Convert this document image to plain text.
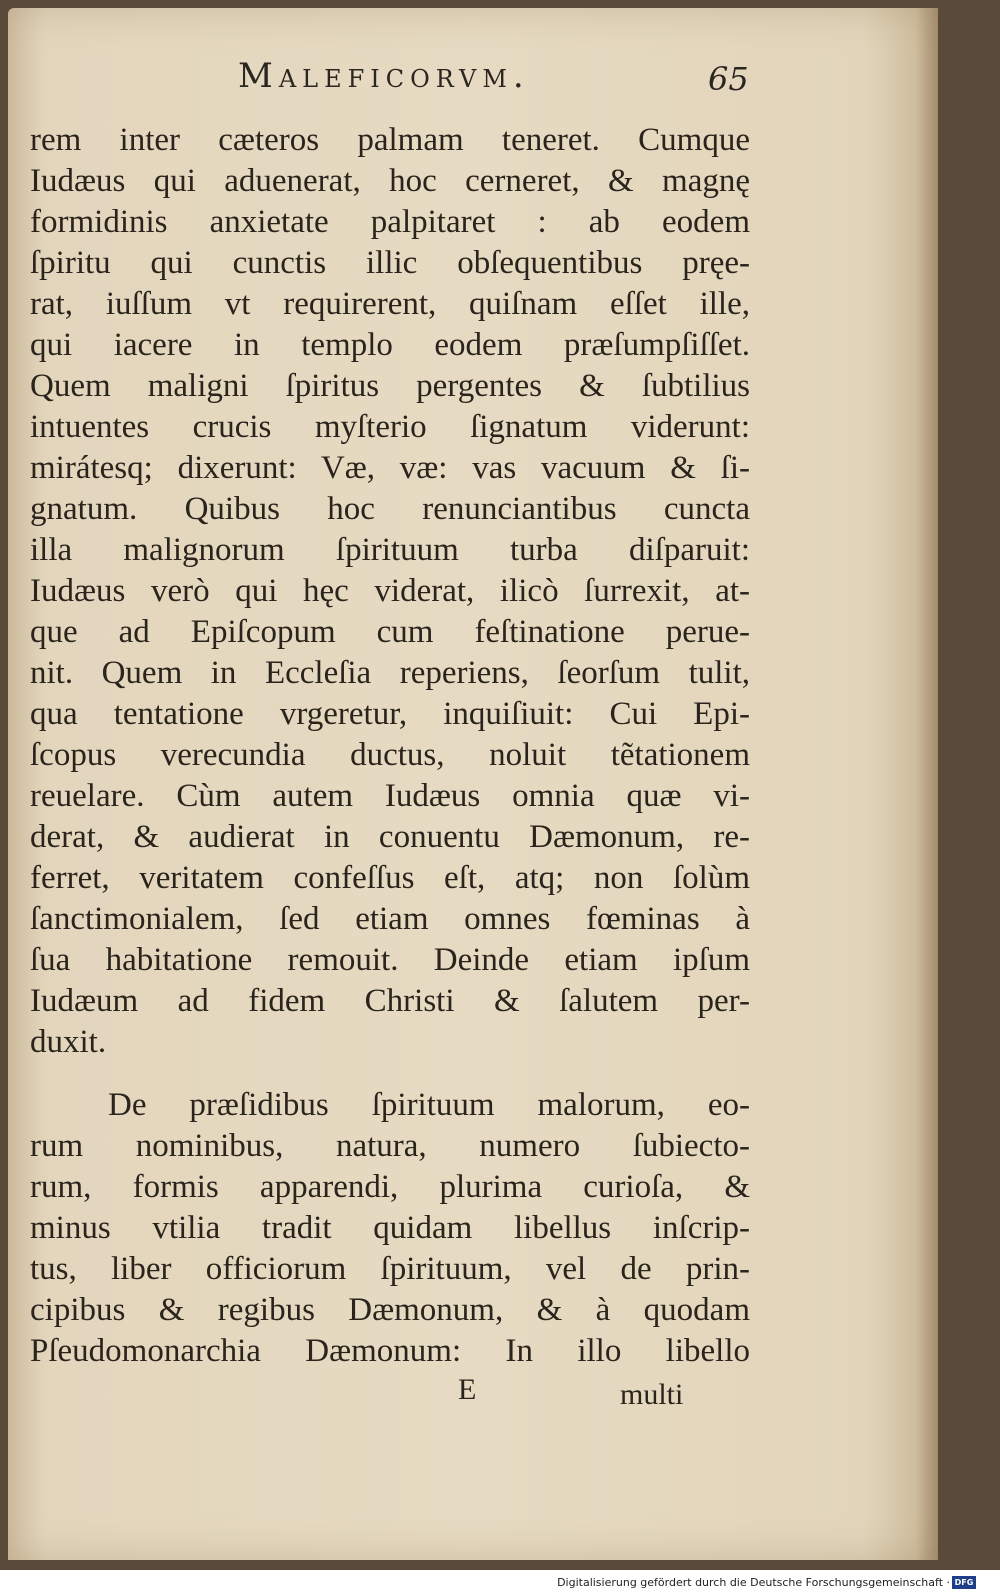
Maleficorvm.	65
rem inter cæteros palmam teneret. Cumque
Iudæus qui aduenerat, hoc cerneret, & magnę
formidinis anxietate palpitaret : ab eodem
ſpiritu qui cunctis illic obſequentibus pręe-
rat, iuſſum vt requirerent, quiſnam eſſet ille,
qui iacere in templo eodem præſumpſiſſet.
Quem maligni ſpiritus pergentes & ſubtilius
intuentes crucis myſterio ſignatum viderunt:
mirátesq; dixerunt: Væ, væ: vas vacuum & ſi-
gnatum. Quibus hoc renunciantibus cuncta
illa malignorum ſpirituum turba diſparuit:
Iudæus verò qui hęc viderat, ilicò ſurrexit, at-
que ad Epiſcopum cum feſtinatione perue-
nit. Quem in Eccleſia reperiens, ſeorſum tulit,
qua tentatione vrgeretur, inquiſiuit: Cui Epi-
ſcopus verecundia ductus, noluit tẽtationem
reuelare. Cùm autem Iudæus omnia quæ vi-
derat, & audierat in conuentu Dæmonum, re-
ferret, veritatem confeſſus eſt, atq; non ſolùm
ſanctimonialem, ſed etiam omnes fœminas à
ſua habitatione remouit. Deinde etiam ipſum
Iudæum ad fidem Christi & ſalutem per-
duxit.
De præſidibus ſpirituum malorum, eo-
rum nominibus, natura, numero ſubiecto-
rum, formis apparendi, plurima curioſa, &
minus vtilia tradit quidam libellus inſcrip-
tus, liber officiorum ſpirituum, vel de prin-
cipibus & regibus Dæmonum, & à quodam
Pſeudomonarchia Dæmonum: In illo libello
E	multi
Digitalisierung gefördert durch die Deutsche Forschungsgemeinschaft · DFG
